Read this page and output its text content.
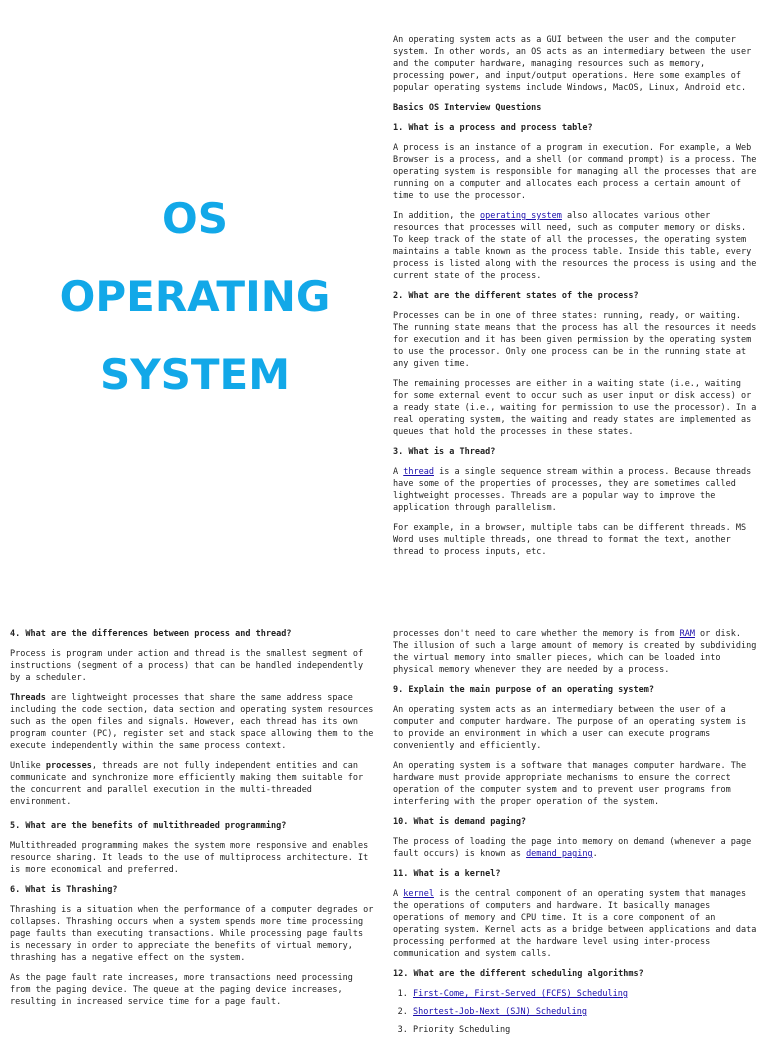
OS
OPERATING
SYSTEM

An operating system acts as a GUI between the user and the computer system. In other words, an OS acts as an intermediary between the user and the computer hardware, managing resources such as memory, processing power, and input/output operations. Here some examples of popular operating systems include Windows, MacOS, Linux, Android etc.

Basics OS Interview Questions
1. What is a process and process table?

A process is an instance of a program in execution. For example, a Web Browser is a process, and a shell (or command prompt) is a process. The operating system is responsible for managing all the processes that are running on a computer and allocates each process a certain amount of time to use the processor.

In addition, the operating system also allocates various other resources that processes will need, such as computer memory or disks. To keep track of the state of all the processes, the operating system maintains a table known as the process table. Inside this table, every process is listed along with the resources the process is using and the current state of the process.

2. What are the different states of the process?

Processes can be in one of three states: running, ready, or waiting. The running state means that the process has all the resources it needs for execution and it has been given permission by the operating system to use the processor. Only one process can be in the running state at any given time.

The remaining processes are either in a waiting state (i.e., waiting for some external event to occur such as user input or disk access) or a ready state (i.e., waiting for permission to use the processor). In a real operating system, the waiting and ready states are implemented as queues that hold the processes in these states.

3. What is a Thread?

A thread is a single sequence stream within a process. Because threads have some of the properties of processes, they are sometimes called lightweight processes. Threads are a popular way to improve the application through parallelism.

For example, in a browser, multiple tabs can be different threads. MS Word uses multiple threads, one thread to format the text, another thread to process inputs, etc.

4. What are the differences between process and thread?

Process is program under action and thread is the smallest segment of instructions (segment of a process) that can be handled independently by a scheduler.

Threads are lightweight processes that share the same address space including the code section, data section and operating system resources such as the open files and signals. However, each thread has its own program counter (PC), register set and stack space allowing them to the execute independently within the same process context.

Unlike processes, threads are not fully independent entities and can communicate and synchronize more efficiently making them suitable for the concurrent and parallel execution in the multi-threaded environment.

5. What are the benefits of multithreaded programming?

Multithreaded programming makes the system more responsive and enables resource sharing. It leads to the use of multiprocess architecture. It is more economical and preferred.

6. What is Thrashing?

Thrashing is a situation when the performance of a computer degrades or collapses. Thrashing occurs when a system spends more time processing page faults than executing transactions. While processing page faults is necessary in order to appreciate the benefits of virtual memory, thrashing has a negative effect on the system.

As the page fault rate increases, more transactions need processing from the paging device. The queue at the paging device increases, resulting in increased service time for a page fault.

processes don't need to care whether the memory is from RAM or disk. The illusion of such a large amount of memory is created by subdividing the virtual memory into smaller pieces, which can be loaded into physical memory whenever they are needed by a process.

9. Explain the main purpose of an operating system?

An operating system acts as an intermediary between the user of a computer and computer hardware. The purpose of an operating system is to provide an environment in which a user can execute programs conveniently and efficiently.

An operating system is a software that manages computer hardware. The hardware must provide appropriate mechanisms to ensure the correct operation of the computer system and to prevent user programs from interfering with the proper operation of the system.

10. What is demand paging?

The process of loading the page into memory on demand (whenever a page fault occurs) is known as demand paging.

11. What is a kernel?

A kernel is the central component of an operating system that manages the operations of computers and hardware. It basically manages operations of memory and CPU time. It is a core component of an operating system. Kernel acts as a bridge between applications and data processing performed at the hardware level using inter-process communication and system calls.

12. What are the different scheduling algorithms?
1. First-Come, First-Served (FCFS) Scheduling
2. Shortest-Job-Next (SJN) Scheduling
3. Priority Scheduling
